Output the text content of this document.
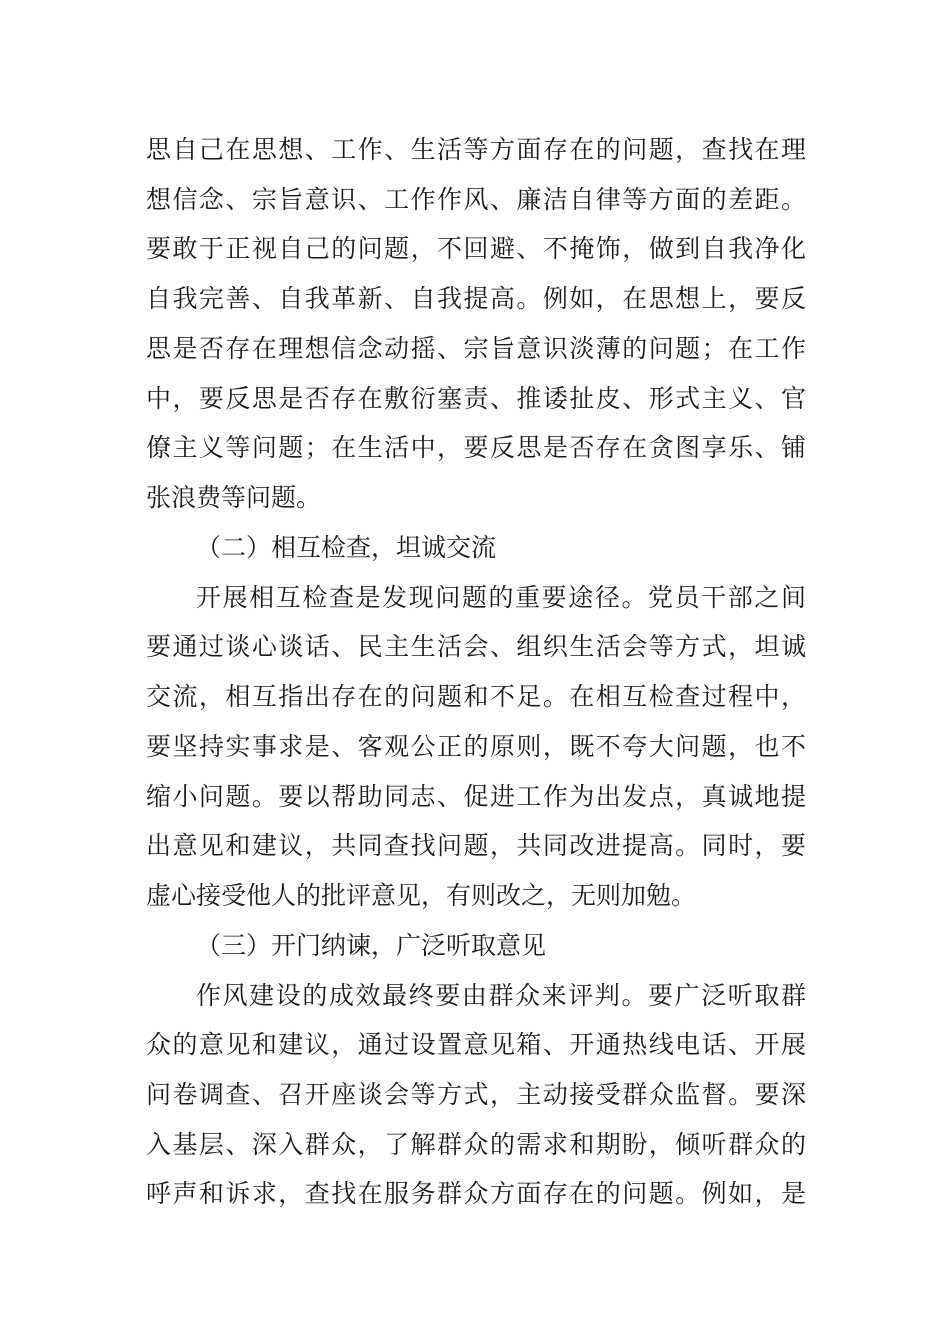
思自己在思想、工作、生活等方面存在的问题，查找在理
想信念、宗旨意识、工作作风、廉洁自律等方面的差距。
要敢于正视自己的问题，不回避、不掩饰，做到自我净化
自我完善、自我革新、自我提高。例如，在思想上，要反
思是否存在理想信念动摇、宗旨意识淡薄的问题；在工作
中，要反思是否存在敷衍塞责、推诿扯皮、形式主义、官
僚主义等问题；在生活中，要反思是否存在贪图享乐、铺
张浪费等问题。
（二）相互检查，坦诚交流
开展相互检查是发现问题的重要途径。党员干部之间
要通过谈心谈话、民主生活会、组织生活会等方式，坦诚
交流，相互指出存在的问题和不足。在相互检查过程中，
要坚持实事求是、客观公正的原则，既不夸大问题，也不
缩小问题。要以帮助同志、促进工作为出发点，真诚地提
出意见和建议，共同查找问题，共同改进提高。同时，要
虚心接受他人的批评意见，有则改之，无则加勉。
（三）开门纳谏，广泛听取意见
作风建设的成效最终要由群众来评判。要广泛听取群
众的意见和建议，通过设置意见箱、开通热线电话、开展
问卷调查、召开座谈会等方式，主动接受群众监督。要深
入基层、深入群众，了解群众的需求和期盼，倾听群众的
呼声和诉求，查找在服务群众方面存在的问题。例如，是
